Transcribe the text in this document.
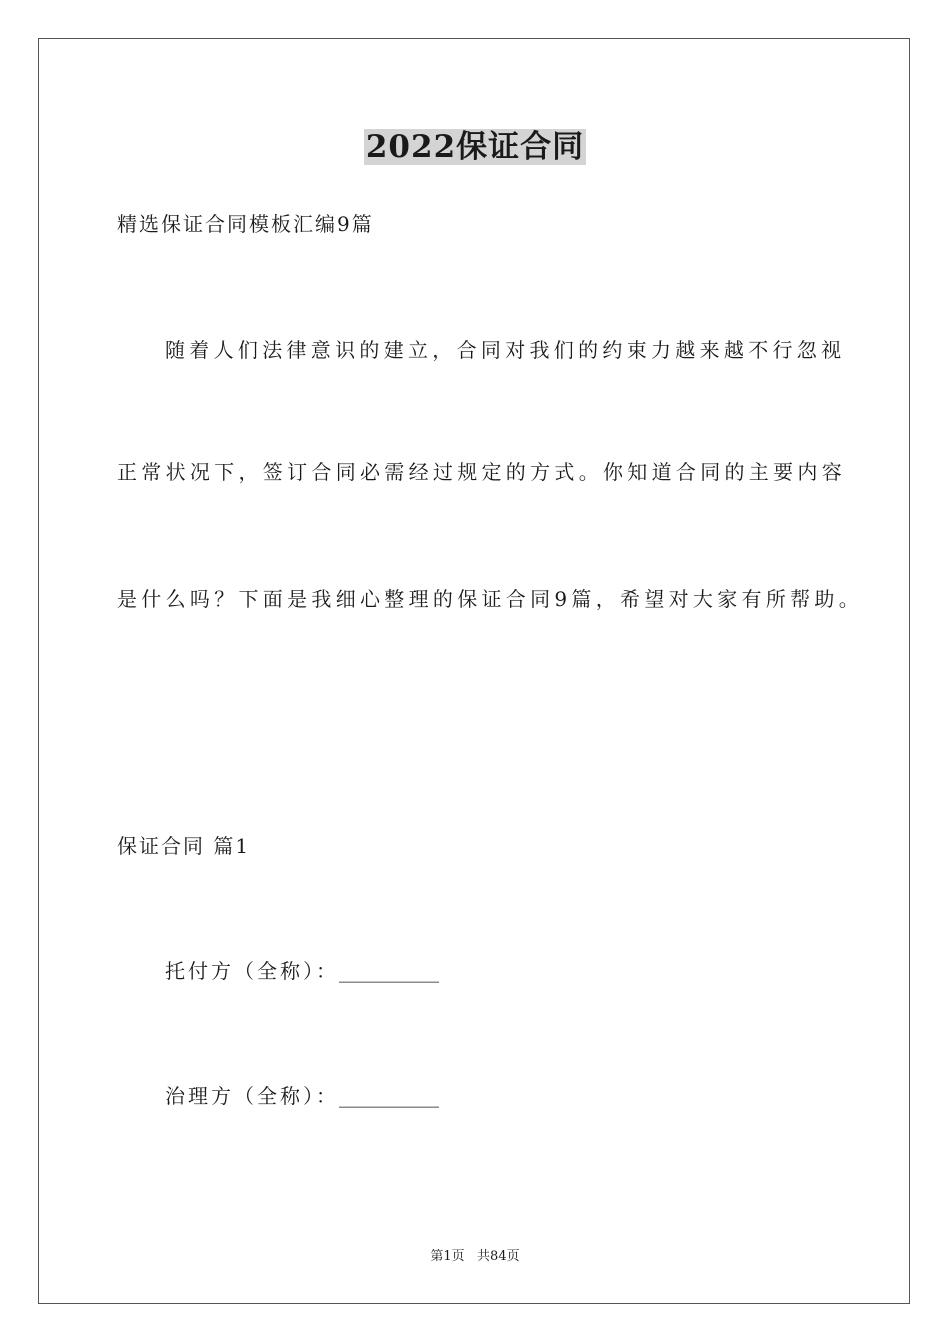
2022保证合同
精选保证合同模板汇编9篇
随着人们法律意识的建立，合同对我们的约束力越来越不行忽视
正常状况下，签订合同必需经过规定的方式。你知道合同的主要内容
是什么吗？下面是我细心整理的保证合同9篇，希望对大家有所帮助。
保证合同 篇1
托付方（全称）：__________
治理方（全称）：__________
第1页   共84页
